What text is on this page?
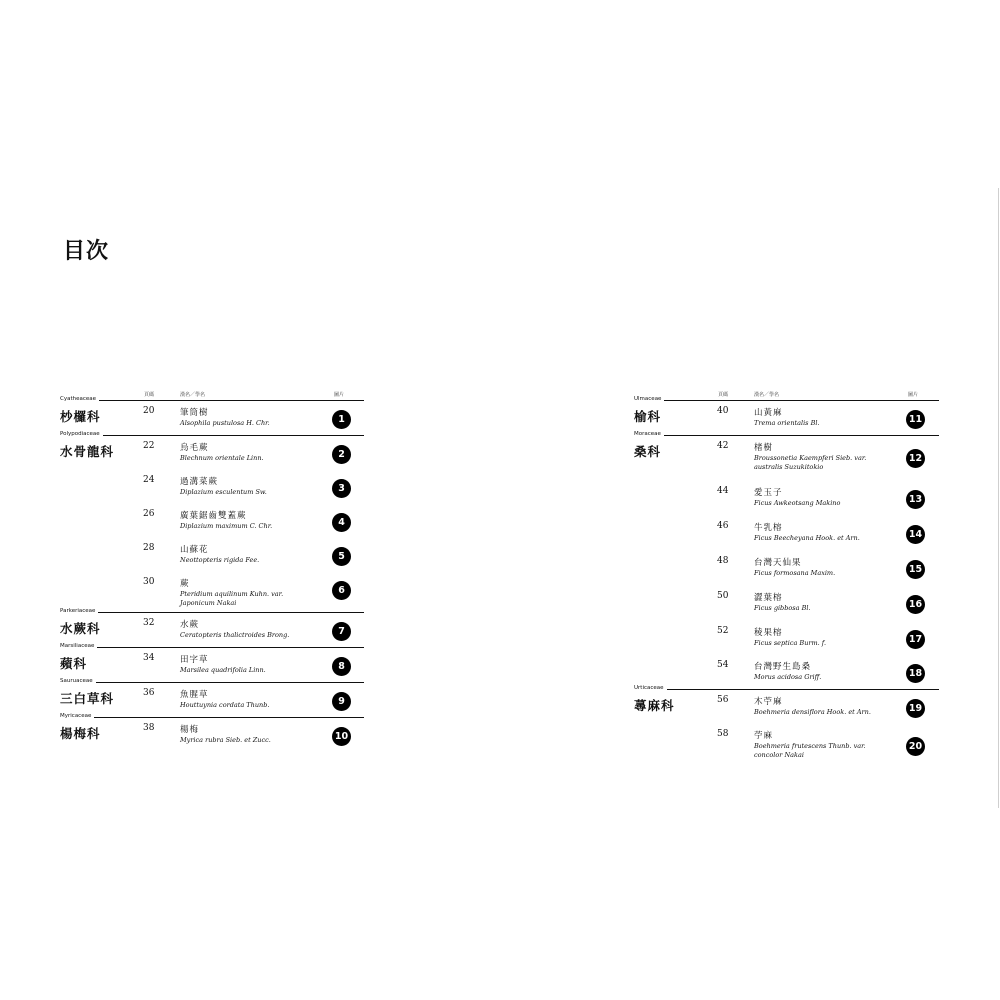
目次
頁碼	漢名／學名	圖片
Cyatheaceae
杪欏科	20	筆筒樹
Alsophila pustulosa H. Chr.	1
Polypodiaceae
水骨龍科	22	烏毛蕨
Blechnum orientale Linn.	2
24	過溝菜蕨
Diplazium esculentum Sw.	3
26	廣葉鋸齒雙蓋蕨
Diplazium maximum C. Chr.	4
28	山蘇花
Neottopteris rigida Fee.	5
30	蕨
Pteridium aquilinum Kuhn. var. Japonicum Nakai
6
Parkeriaceae
水蕨科	32	水蕨
Ceratopteris thalictroides Brong.	7
Marsiliaceae
蘋科	34	田字草
Marsilea quadrifolia Linn.	8
Sauruaceae
三白草科	36	魚腥草
Houttuynia cordata Thunb.	9
Myricaceae
楊梅科	38	楊梅
Myrica rubra Sieb. et Zucc.	10
頁碼	漢名／學名	圖片
Ulmaceae
榆科	40	山黃麻
Trema orientalis Bl.	11
Moraceae
桑科	42	楮樹
Broussonetia Kaempferi Sieb. var. australis Suzukitokio
12
44	愛玉子
Ficus Awkeotsang Makino	13
46	牛乳榕
Ficus Beecheyana Hook. et Arn.	14
48	台灣天仙果
Ficus formosana Maxim.	15
50	澀葉榕
Ficus gibbosa Bl.	16
52	稜果榕
Ficus septica Burm. f.	17
54	台灣野生島桑
Morus acidosa Griff.	18
Urticaceae
蕁麻科	56	木苧麻
Boehmeria densiflora Hook. et Arn.	19
58	苧麻
Boehmeria frutescens Thunb. var. concolor Nakai
20
